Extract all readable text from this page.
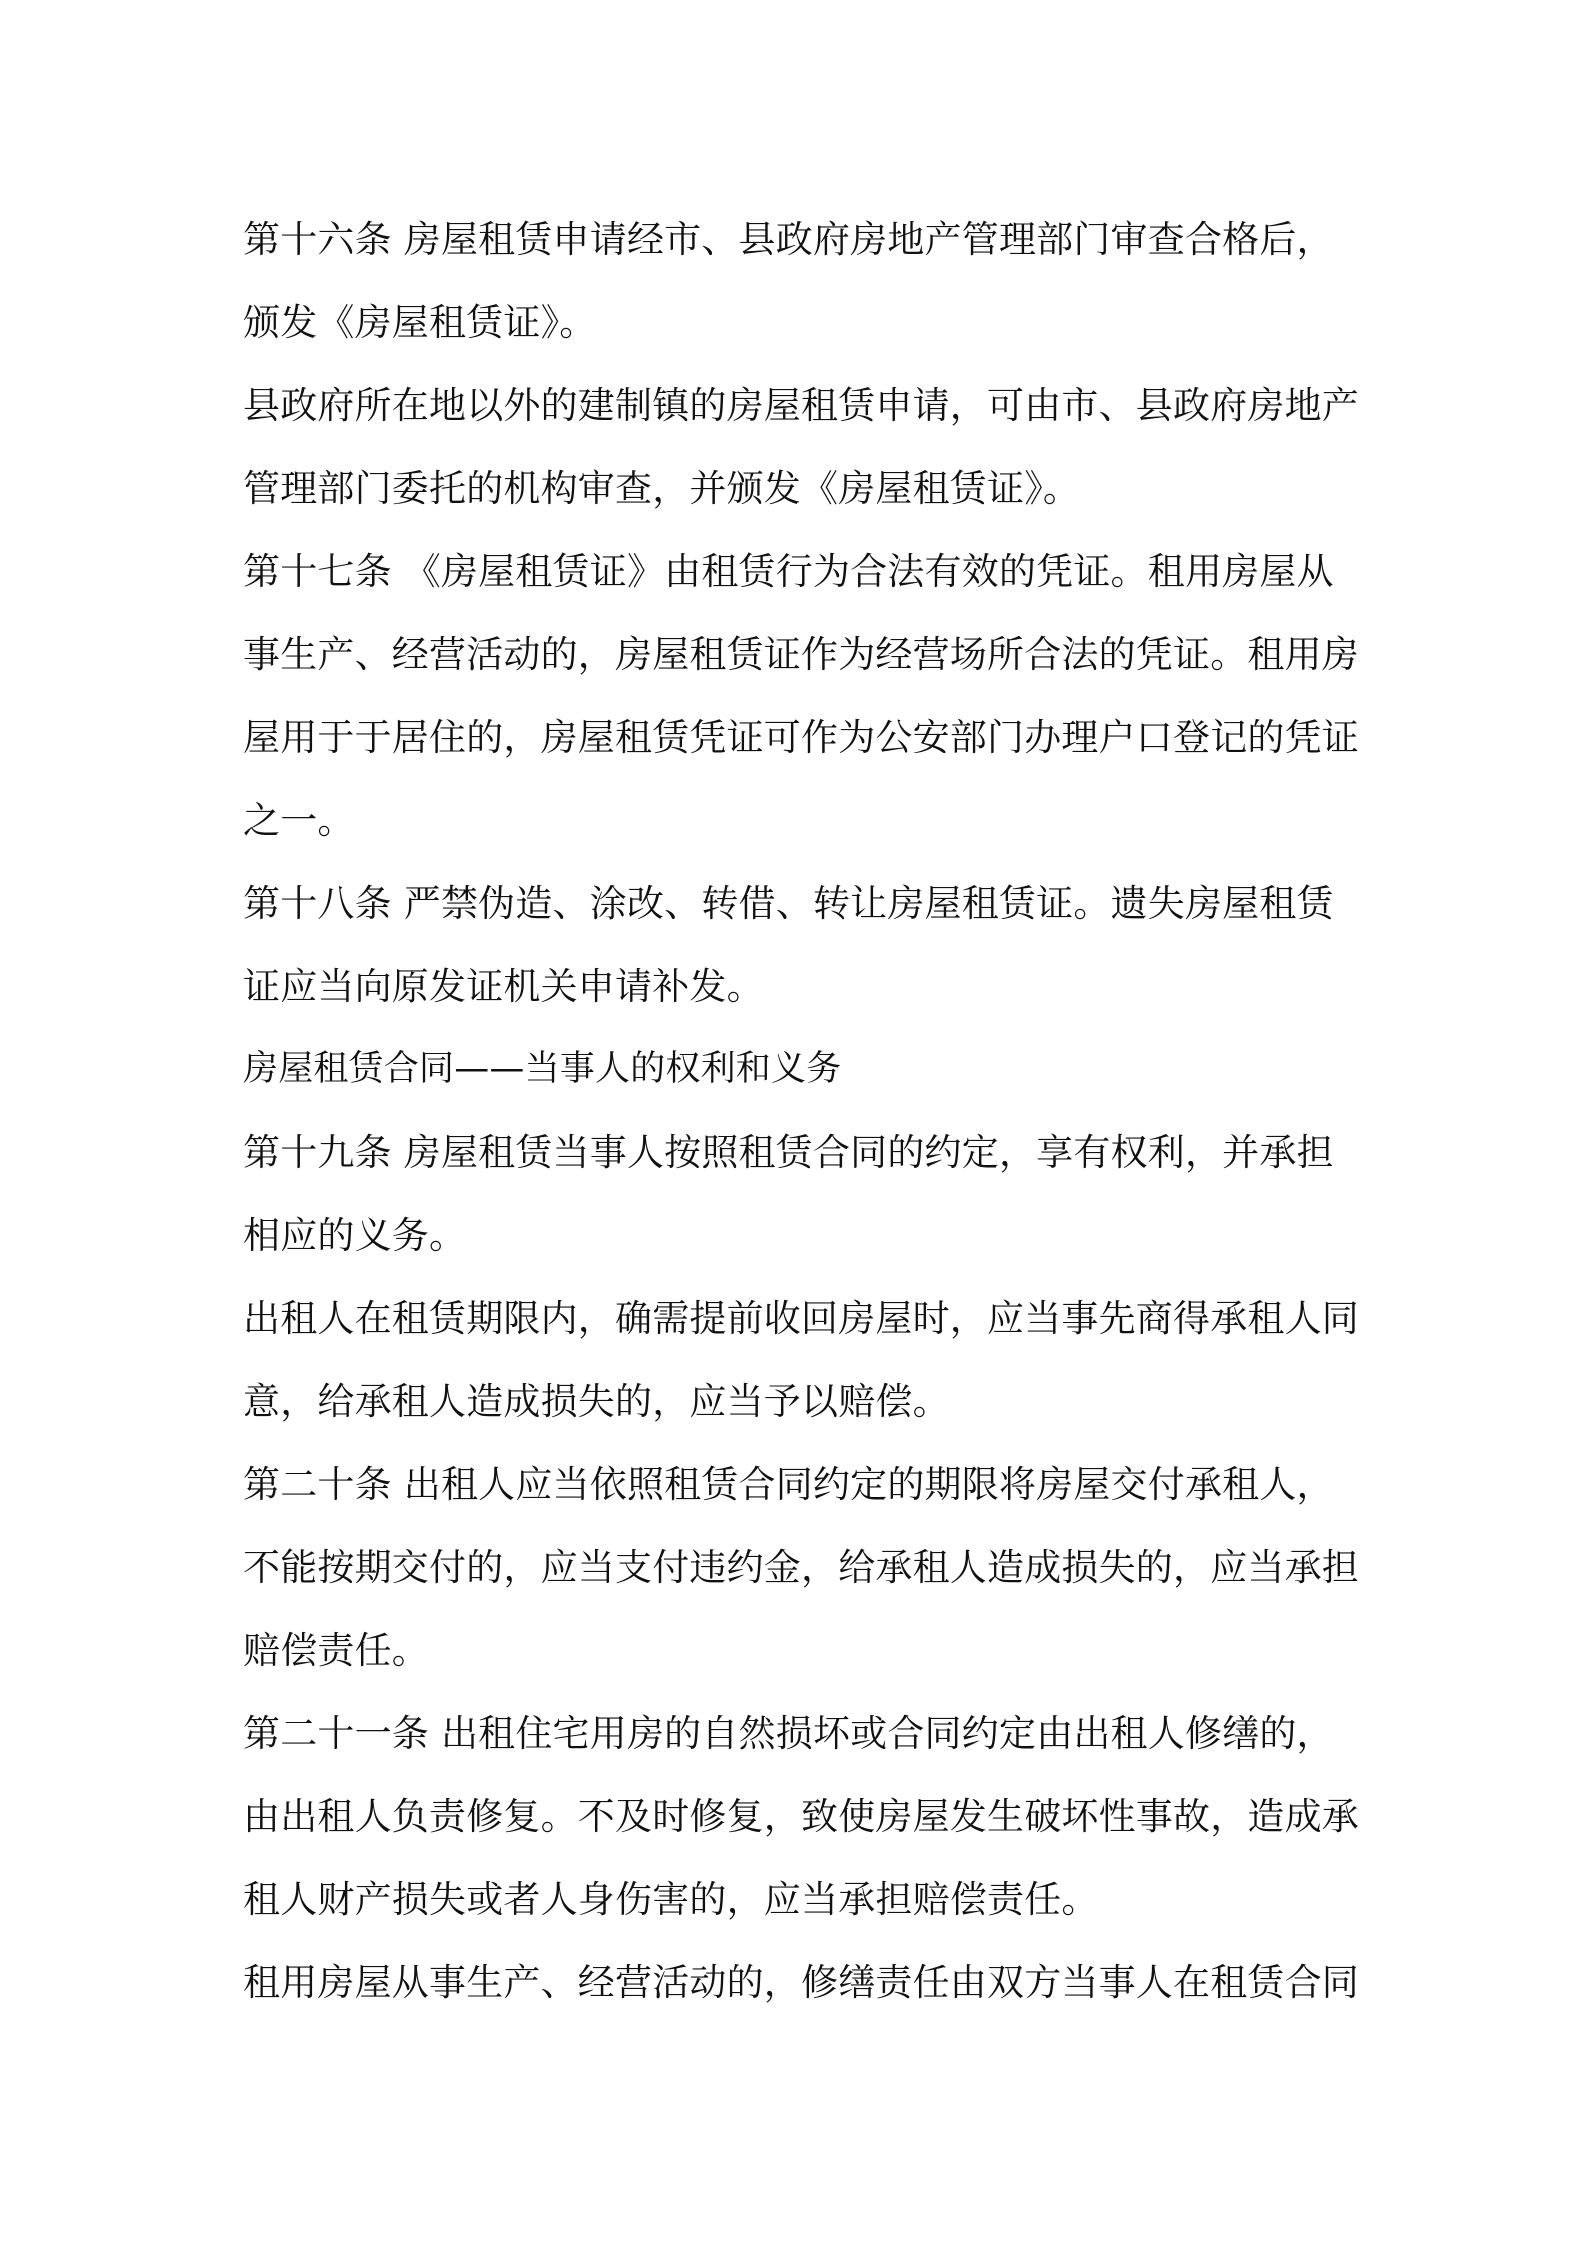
第十六条 房屋租赁申请经市、县政府房地产管理部门审查合格后，颁发《房屋租赁证》。

县政府所在地以外的建制镇的房屋租赁申请，可由市、县政府房地产管理部门委托的机构审查，并颁发《房屋租赁证》。

第十七条 《房屋租赁证》由租赁行为合法有效的凭证。租用房屋从事生产、经营活动的，房屋租赁证作为经营场所合法的凭证。租用房屋用于于居住的，房屋租赁凭证可作为公安部门办理户口登记的凭证之一。

第十八条 严禁伪造、涂改、转借、转让房屋租赁证。遗失房屋租赁证应当向原发证机关申请补发。

房屋租赁合同——当事人的权利和义务

第十九条 房屋租赁当事人按照租赁合同的约定，享有权利，并承担相应的义务。

出租人在租赁期限内，确需提前收回房屋时，应当事先商得承租人同意，给承租人造成损失的，应当予以赔偿。

第二十条 出租人应当依照租赁合同约定的期限将房屋交付承租人，不能按期交付的，应当支付违约金，给承租人造成损失的，应当承担赔偿责任。

第二十一条 出租住宅用房的自然损坏或合同约定由出租人修缮的，由出租人负责修复。不及时修复，致使房屋发生破坏性事故，造成承租人财产损失或者人身伤害的，应当承担赔偿责任。

租用房屋从事生产、经营活动的，修缮责任由双方当事人在租赁合同
